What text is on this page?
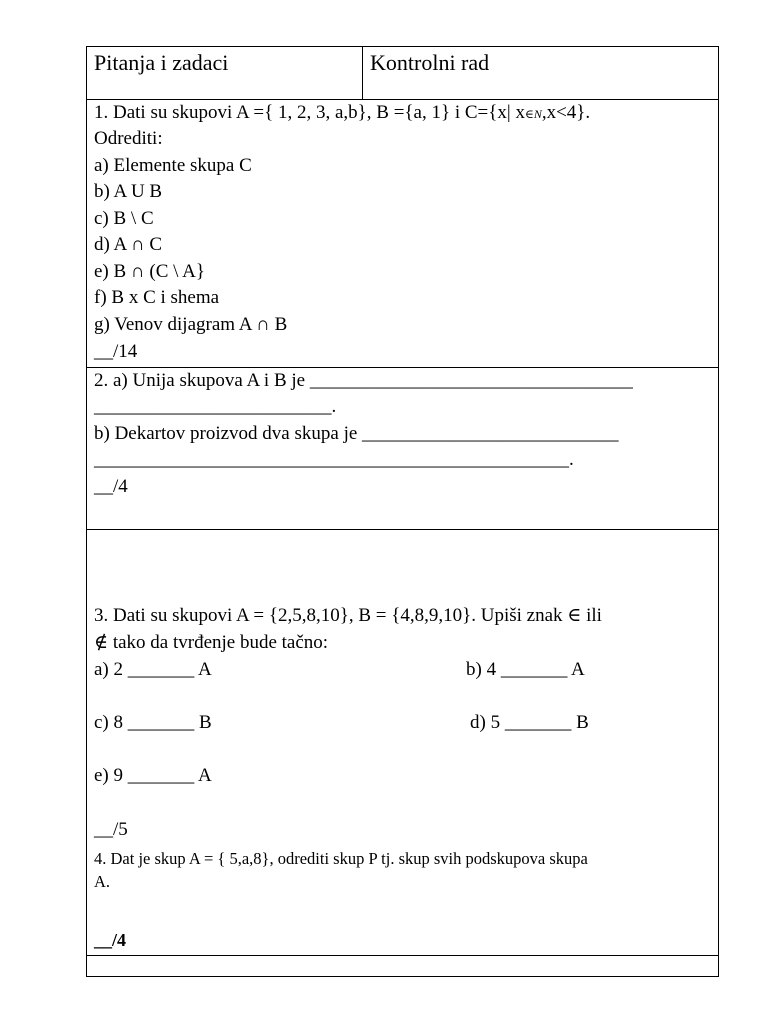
Pitanja i zadaci	Kontrolni rad
1. Dati su skupovi A ={ 1, 2, 3, a,b}, B ={a, 1} i C={x| x∈N,x<4}.
Odrediti:
a) Elemente skupa C
b) A U B
c) B \ C
d) A ∩ C
e) B ∩ (C \ A}
f) B x C i shema
g) Venov dijagram A ∩ B
__/14
2. a) Unija skupova A i B je __________________________________
_________________________.
b) Dekartov proizvod dva skupa je ___________________________
__________________________________________________.
__/4
3. Dati su skupovi A = {2,5,8,10}, B = {4,8,9,10}. Upiši znak ∈ ili
∉ tako da tvrđenje bude tačno:
a) 2 _______ A	b) 4 _______ A
c) 8 _______ B	d) 5 _______ B
e) 9 _______ A
__/5
4. Dat je skup A = { 5,a,8}, odrediti skup P tj. skup svih podskupova skupa
A.
__/4
